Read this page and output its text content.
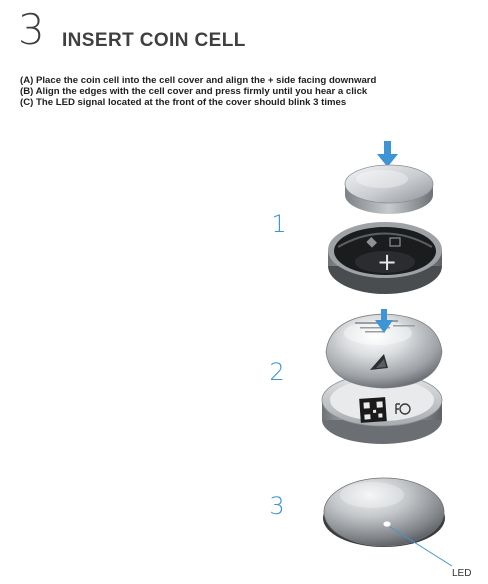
3 INSERT COIN CELL
(A) Place the coin cell into the cell cover and align the + side facing downward
(B) Align the edges with the cell cover and press firmly until you hear a click
(C) The LED signal located at the front of the cover should blink 3 times
+
1
2
3
LED
